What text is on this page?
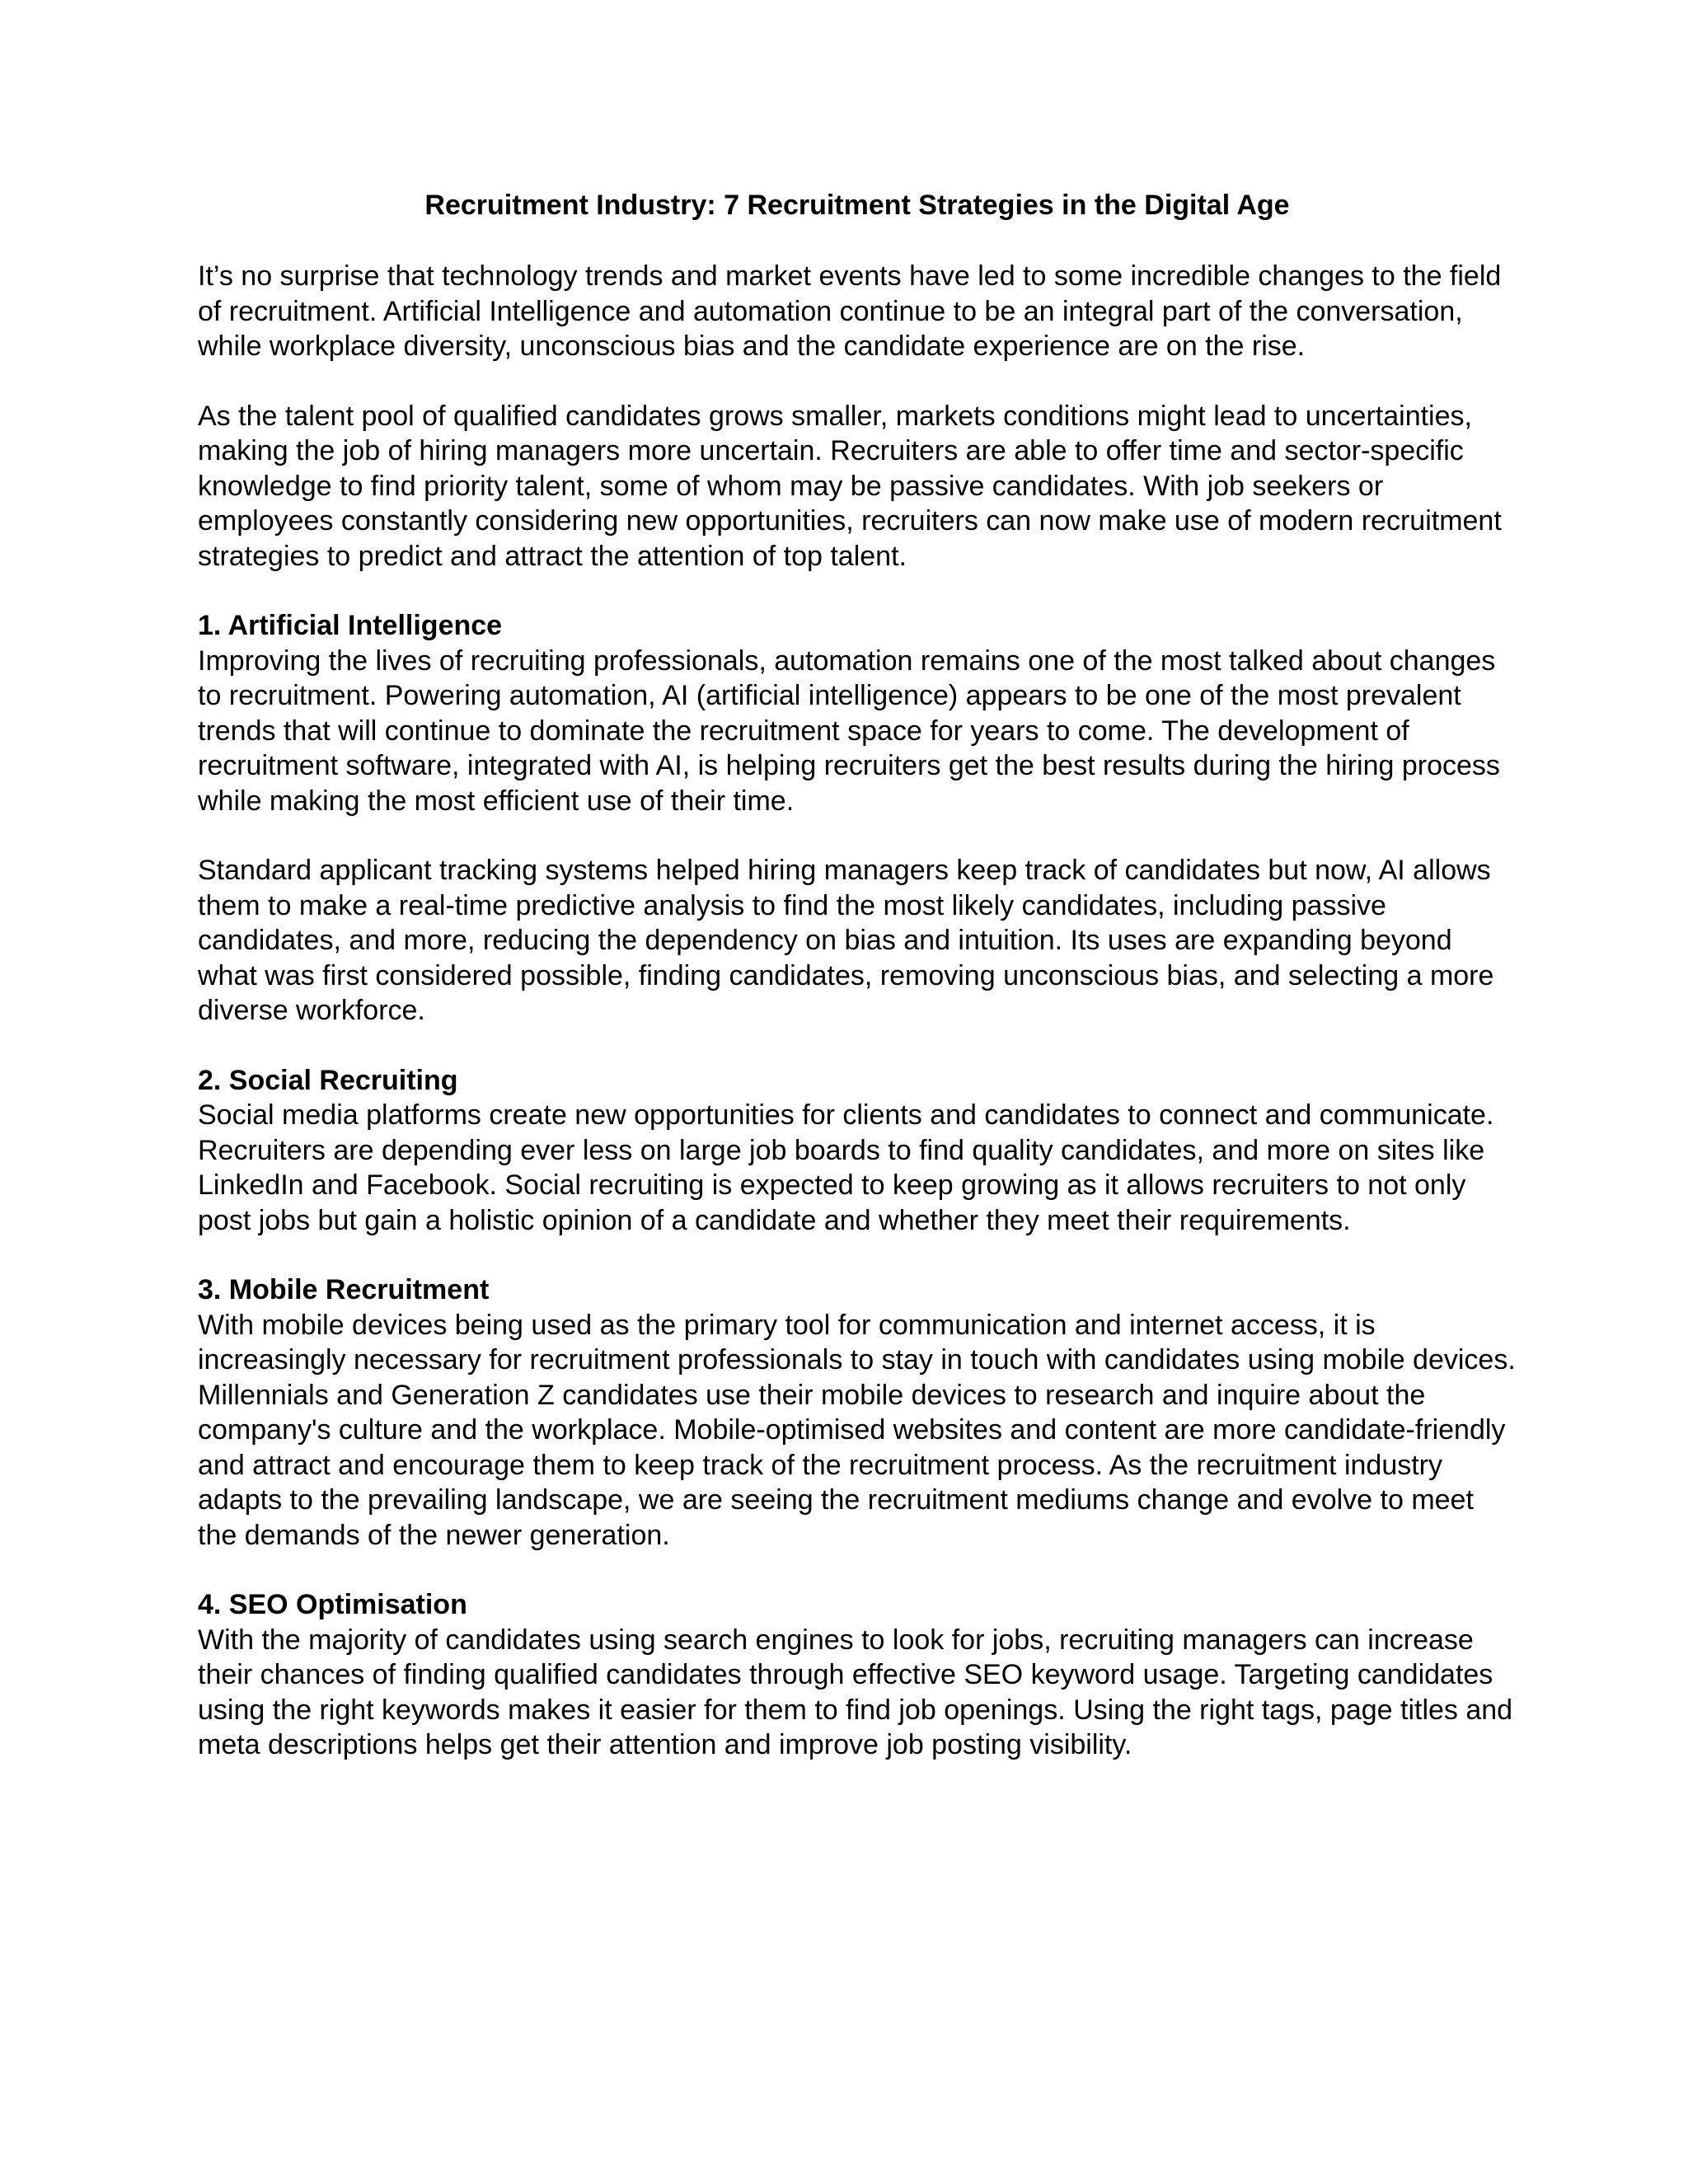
Recruitment Industry: 7 Recruitment Strategies in the Digital Age

It’s no surprise that technology trends and market events have led to some incredible changes to the field of recruitment. Artificial Intelligence and automation continue to be an integral part of the conversation, while workplace diversity, unconscious bias and the candidate experience are on the rise.

As the talent pool of qualified candidates grows smaller, markets conditions might lead to uncertainties, making the job of hiring managers more uncertain. Recruiters are able to offer time and sector-specific knowledge to find priority talent, some of whom may be passive candidates. With job seekers or employees constantly considering new opportunities, recruiters can now make use of modern recruitment strategies to predict and attract the attention of top talent.

1. Artificial Intelligence

Improving the lives of recruiting professionals, automation remains one of the most talked about changes to recruitment. Powering automation, AI (artificial intelligence) appears to be one of the most prevalent trends that will continue to dominate the recruitment space for years to come. The development of recruitment software, integrated with AI, is helping recruiters get the best results during the hiring process while making the most efficient use of their time.

Standard applicant tracking systems helped hiring managers keep track of candidates but now, AI allows them to make a real-time predictive analysis to find the most likely candidates, including passive candidates, and more, reducing the dependency on bias and intuition. Its uses are expanding beyond what was first considered possible, finding candidates, removing unconscious bias, and selecting a more diverse workforce.

2. Social Recruiting

Social media platforms create new opportunities for clients and candidates to connect and communicate. Recruiters are depending ever less on large job boards to find quality candidates, and more on sites like LinkedIn and Facebook. Social recruiting is expected to keep growing as it allows recruiters to not only post jobs but gain a holistic opinion of a candidate and whether they meet their requirements.

3. Mobile Recruitment

With mobile devices being used as the primary tool for communication and internet access, it is increasingly necessary for recruitment professionals to stay in touch with candidates using mobile devices. Millennials and Generation Z candidates use their mobile devices to research and inquire about the company's culture and the workplace. Mobile-optimised websites and content are more candidate-friendly and attract and encourage them to keep track of the recruitment process. As the recruitment industry adapts to the prevailing landscape, we are seeing the recruitment mediums change and evolve to meet the demands of the newer generation.

4. SEO Optimisation

With the majority of candidates using search engines to look for jobs, recruiting managers can increase their chances of finding qualified candidates through effective SEO keyword usage. Targeting candidates using the right keywords makes it easier for them to find job openings. Using the right tags, page titles and meta descriptions helps get their attention and improve job posting visibility.
